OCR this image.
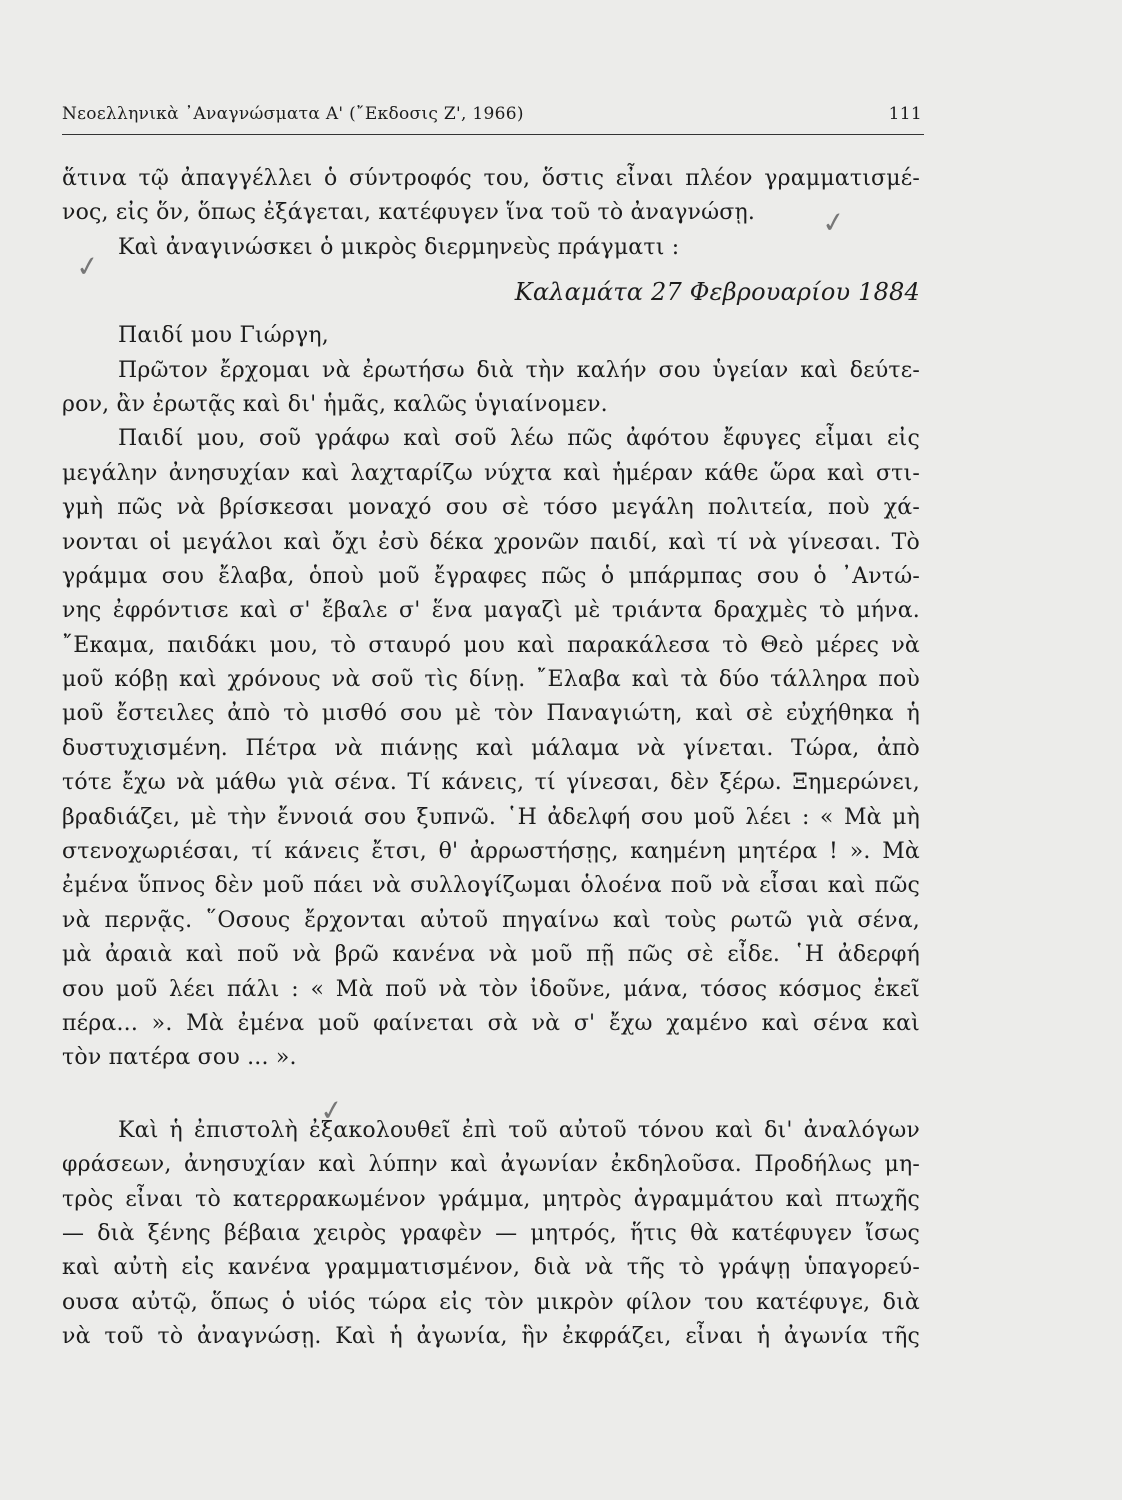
Νεοελληνικὰ ᾿Αναγνώσματα Α' (῎Εκδοσις Ζ', 1966)	111
ἅτινα τῷ ἀπαγγέλλει ὁ σύντροφός του, ὅστις εἶναι πλέον γραμματισμέ-
νος, εἰς ὅν, ὅπως ἐξάγεται, κατέφυγεν ἵνα τοῦ τὸ ἀναγνώσῃ.
Καὶ ἀναγινώσκει ὁ μικρὸς διερμηνεὺς πράγματι :
Καλαμάτα 27 Φεβρουαρίου 1884
Παιδί μου Γιώργη,
Πρῶτον ἔρχομαι νὰ ἐρωτήσω διὰ τὴν καλήν σου ὑγείαν καὶ δεύτε-
ρον, ἂν ἐρωτᾷς καὶ δι' ἡμᾶς, καλῶς ὑγιαίνομεν.
Παιδί μου, σοῦ γράφω καὶ σοῦ λέω πῶς ἀφότου ἔφυγες εἶμαι εἰς
μεγάλην ἀνησυχίαν καὶ λαχταρίζω νύχτα καὶ ἡμέραν κάθε ὥρα καὶ στι-
γμὴ πῶς νὰ βρίσκεσαι μοναχό σου σὲ τόσο μεγάλη πολιτεία, ποὺ χά-
νονται οἱ μεγάλοι καὶ ὄχι ἐσὺ δέκα χρονῶν παιδί, καὶ τί νὰ γίνεσαι. Τὸ
γράμμα σου ἔλαβα, ὁποὺ μοῦ ἔγραφες πῶς ὁ μπάρμπας σου ὁ ᾿Αντώ-
νης ἐφρόντισε καὶ σ' ἔβαλε σ' ἕνα μαγαζὶ μὲ τριάντα δραχμὲς τὸ μήνα.
῎Εκαμα, παιδάκι μου, τὸ σταυρό μου καὶ παρακάλεσα τὸ Θεὸ μέρες νὰ
μοῦ κόβῃ καὶ χρόνους νὰ σοῦ τὶς δίνῃ. ῎Ελαβα καὶ τὰ δύο τάλληρα ποὺ
μοῦ ἔστειλες ἀπὸ τὸ μισθό σου μὲ τὸν Παναγιώτη, καὶ σὲ εὐχήθηκα ἡ
δυστυχισμένη. Πέτρα νὰ πιάνῃς καὶ μάλαμα νὰ γίνεται. Τώρα, ἀπὸ
τότε ἔχω νὰ μάθω γιὰ σένα. Τί κάνεις, τί γίνεσαι, δὲν ξέρω. Ξημερώνει,
βραδιάζει, μὲ τὴν ἔννοιά σου ξυπνῶ. ῾Η ἀδελφή σου μοῦ λέει : « Μὰ μὴ
στενοχωριέσαι, τί κάνεις ἔτσι, θ' ἀρρωστήσῃς, καημένη μητέρα ! ». Μὰ
ἐμένα ὕπνος δὲν μοῦ πάει νὰ συλλογίζωμαι ὁλοένα ποῦ νὰ εἶσαι καὶ πῶς
νὰ περνᾷς. ῞Οσους ἔρχονται αὐτοῦ πηγαίνω καὶ τοὺς ρωτῶ γιὰ σένα,
μὰ ἀραιὰ καὶ ποῦ νὰ βρῶ κανένα νὰ μοῦ πῇ πῶς σὲ εἶδε. ῾Η ἀδερφή
σου μοῦ λέει πάλι : « Μὰ ποῦ νὰ τὸν ἰδοῦνε, μάνα, τόσος κόσμος ἐκεῖ
πέρα... ». Μὰ ἐμένα μοῦ φαίνεται σὰ νὰ σ' ἔχω χαμένο καὶ σένα καὶ
τὸν πατέρα σου ... ».
Καὶ ἡ ἐπιστολὴ ἐξακολουθεῖ ἐπὶ τοῦ αὐτοῦ τόνου καὶ δι' ἀναλόγων
φράσεων, ἀνησυχίαν καὶ λύπην καὶ ἀγωνίαν ἐκδηλοῦσα. Προδήλως μη-
τρὸς εἶναι τὸ κατερρακωμένον γράμμα, μητρὸς ἀγραμμάτου καὶ πτωχῆς
— διὰ ξένης βέβαια χειρὸς γραφὲν — μητρός, ἥτις θὰ κατέφυγεν ἴσως
καὶ αὐτὴ εἰς κανένα γραμματισμένον, διὰ νὰ τῆς τὸ γράψῃ ὑπαγορεύ-
ουσα αὐτῷ, ὅπως ὁ υἱός τώρα εἰς τὸν μικρὸν φίλον του κατέφυγε, διὰ
νὰ τοῦ τὸ ἀναγνώσῃ. Καὶ ἡ ἀγωνία, ἣν ἐκφράζει, εἶναι ἡ ἀγωνία τῆς
✓
✓
✓
